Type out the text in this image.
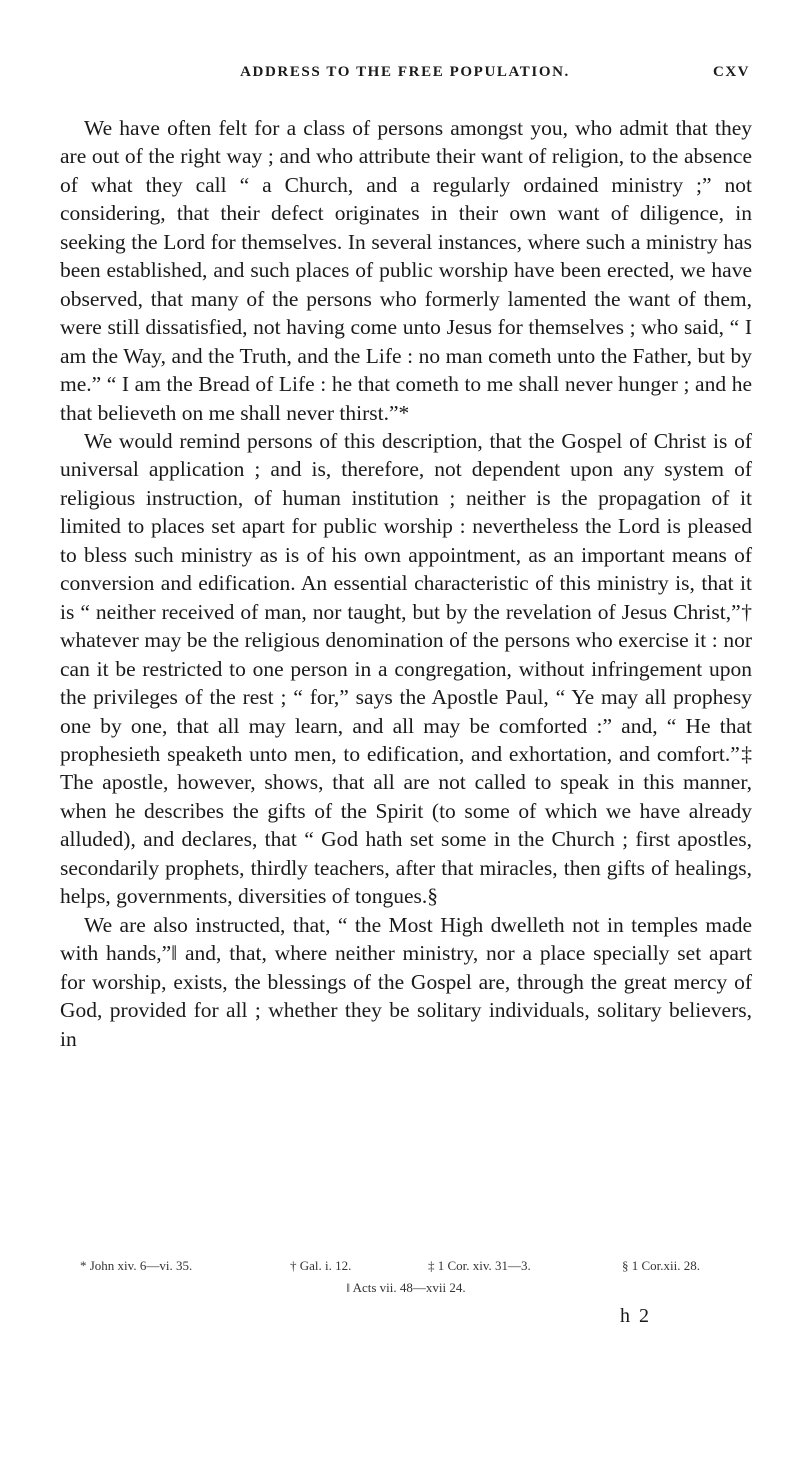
ADDRESS TO THE FREE POPULATION.	CXV

We have often felt for a class of persons amongst you, who admit that they are out of the right way ; and who attribute their want of religion, to the absence of what they call “ a Church, and a regularly ordained ministry ;” not considering, that their defect originates in their own want of diligence, in seeking the Lord for themselves. In several instances, where such a ministry has been established, and such places of public worship have been erected, we have observed, that many of the persons who formerly lamented the want of them, were still dissatisfied, not having come unto Jesus for themselves ; who said, “ I am the Way, and the Truth, and the Life : no man cometh unto the Father, but by me.” “ I am the Bread of Life : he that cometh to me shall never hunger ; and he that believeth on me shall never thirst.”*

We would remind persons of this description, that the Gospel of Christ is of universal application ; and is, therefore, not dependent upon any system of religious instruction, of human institution ; neither is the propagation of it limited to places set apart for public worship : nevertheless the Lord is pleased to bless such ministry as is of his own appointment, as an important means of conversion and edification. An essential characteristic of this ministry is, that it is “ neither received of man, nor taught, but by the revelation of Jesus Christ,”† whatever may be the religious denomination of the persons who exercise it : nor can it be restricted to one person in a congregation, without infringement upon the privileges of the rest ; “ for,” says the Apostle Paul, “ Ye may all prophesy one by one, that all may learn, and all may be comforted :” and, “ He that prophesieth speaketh unto men, to edification, and exhortation, and comfort.”‡ The apostle, however, shows, that all are not called to speak in this manner, when he describes the gifts of the Spirit (to some of which we have already alluded), and declares, that “ God hath set some in the Church ; first apostles, secondarily prophets, thirdly teachers, after that miracles, then gifts of healings, helps, governments, diversities of tongues.§

We are also instructed, that, “ the Most High dwelleth not in temples made with hands,”‖ and, that, where neither ministry, nor a place specially set apart for worship, exists, the blessings of the Gospel are, through the great mercy of God, provided for all ; whether they be solitary individuals, solitary believers, in

* John xiv. 6—vi. 35.	† Gal. i. 12.	‡ 1 Cor. xiv. 31—3.	§ 1 Cor.xii. 28.
‖ Acts vii. 48—xvii 24.
h 2
